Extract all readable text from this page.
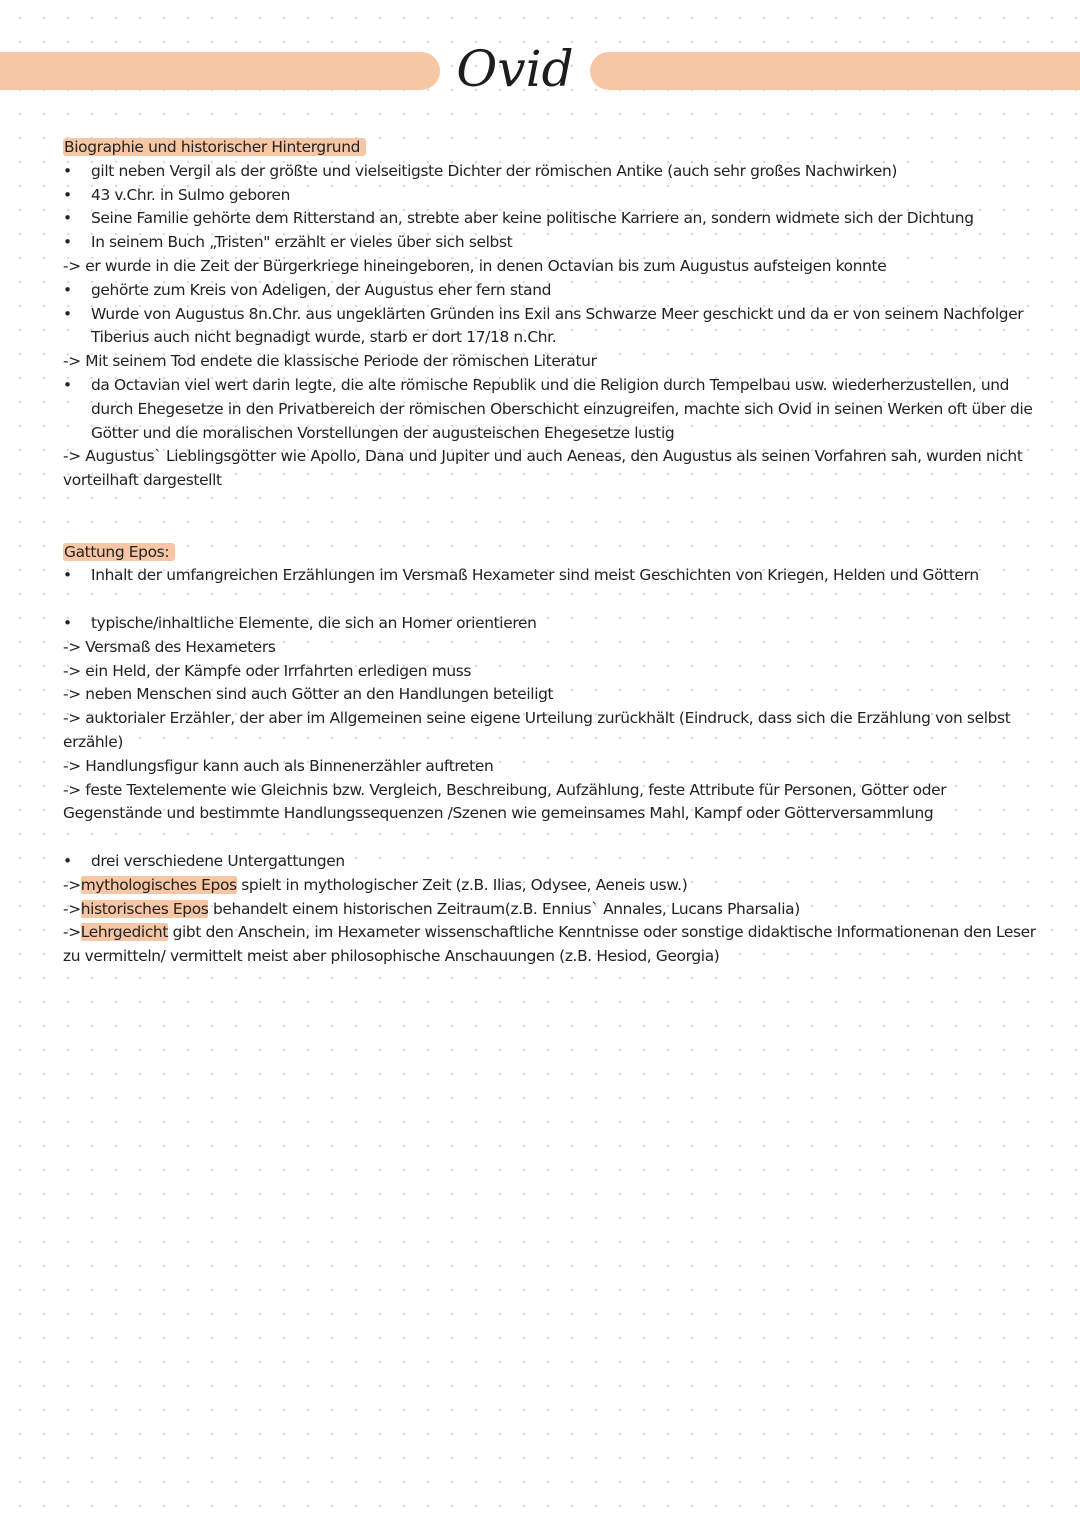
Ovid
Biographie und historischer Hintergrund
• gilt neben Vergil als der größte und vielseitigste Dichter der römischen Antike (auch sehr großes Nachwirken)
• 43 v.Chr. in Sulmo geboren
• Seine Familie gehörte dem Ritterstand an, strebte aber keine politische Karriere an, sondern widmete sich der Dichtung
• In seinem Buch „Tristen" erzählt er vieles über sich selbst
-> er wurde in die Zeit der Bürgerkriege hineingeboren, in denen Octavian bis zum Augustus aufsteigen konnte
• gehörte zum Kreis von Adeligen, der Augustus eher fern stand
• Wurde von Augustus 8n.Chr. aus ungeklärten Gründen ins Exil ans Schwarze Meer geschickt und da er von seinem Nachfolger Tiberius auch nicht begnadigt wurde, starb er dort 17/18 n.Chr.
-> Mit seinem Tod endete die klassische Periode der römischen Literatur
• da Octavian viel wert darin legte, die alte römische Republik und die Religion durch Tempelbau usw. wiederherzustellen, und durch Ehegesetze in den Privatbereich der römischen Oberschicht einzugreifen, machte sich Ovid in seinen Werken oft über die Götter und die moralischen Vorstellungen der augusteischen Ehegesetze lustig
-> Augustus` Lieblingsgötter wie Apollo, Dana und Jupiter und auch Aeneas, den Augustus als seinen Vorfahren sah, wurden nicht vorteilhaft dargestellt
Gattung Epos:
• Inhalt der umfangreichen Erzählungen im Versmaß Hexameter sind meist Geschichten von Kriegen, Helden und Göttern
• typische/inhaltliche Elemente, die sich an Homer orientieren
-> Versmaß des Hexameters
-> ein Held, der Kämpfe oder Irrfahrten erledigen muss
-> neben Menschen sind auch Götter an den Handlungen beteiligt
-> auktorialer Erzähler, der aber im Allgemeinen seine eigene Urteilung zurückhält (Eindruck, dass sich die Erzählung von selbst erzähle)
-> Handlungsfigur kann auch als Binnenerzähler auftreten
-> feste Textelemente wie Gleichnis bzw. Vergleich, Beschreibung, Aufzählung, feste Attribute für Personen, Götter oder Gegenstände und bestimmte Handlungssequenzen /Szenen wie gemeinsames Mahl, Kampf oder Götterversammlung
• drei verschiedene Untergattungen
->mythologisches Epos spielt in mythologischer Zeit (z.B. Ilias, Odysee, Aeneis usw.)
->historisches Epos behandelt einem historischen Zeitraum(z.B. Ennius` Annales, Lucans Pharsalia)
->Lehrgedicht gibt den Anschein, im Hexameter wissenschaftliche Kenntnisse oder sonstige didaktische Informationenan den Leser zu vermitteln/ vermittelt meist aber philosophische Anschauungen (z.B. Hesiod, Georgia)
